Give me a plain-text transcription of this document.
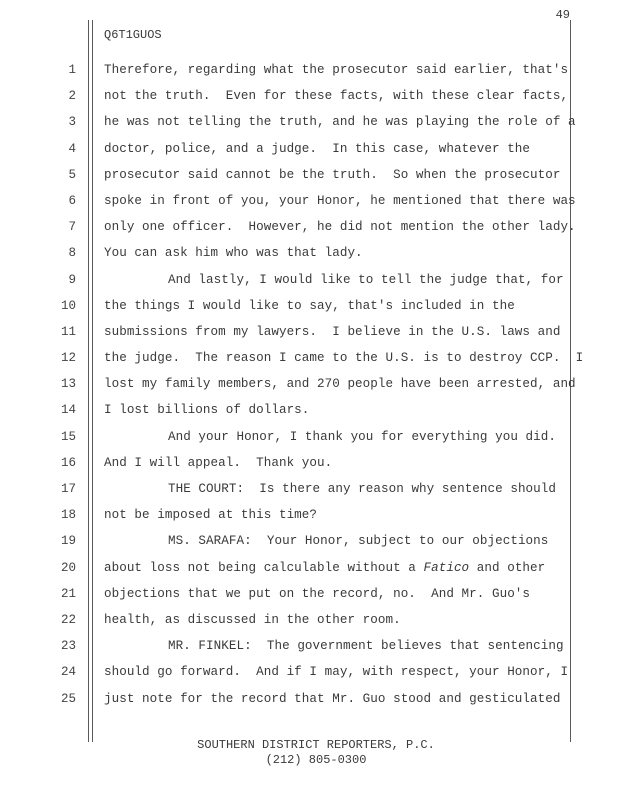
49
Q6T1GUOS
1 Therefore, regarding what the prosecutor said earlier, that's
2 not the truth.  Even for these facts, with these clear facts,
3 he was not telling the truth, and he was playing the role of a
4 doctor, police, and a judge.  In this case, whatever the
5 prosecutor said cannot be the truth.  So when the prosecutor
6 spoke in front of you, your Honor, he mentioned that there was
7 only one officer.  However, he did not mention the other lady.
8 You can ask him who was that lady.
9	And lastly, I would like to tell the judge that, for
10 the things I would like to say, that's included in the
11 submissions from my lawyers.  I believe in the U.S. laws and
12 the judge.  The reason I came to the U.S. is to destroy CCP.  I
13 lost my family members, and 270 people have been arrested, and
14 I lost billions of dollars.
15	And your Honor, I thank you for everything you did.
16 And I will appeal.  Thank you.
17	THE COURT:  Is there any reason why sentence should
18 not be imposed at this time?
19	MS. SARAFA:  Your Honor, subject to our objections
20 about loss not being calculable without a Fatico and other
21 objections that we put on the record, no.  And Mr. Guo's
22 health, as discussed in the other room.
23	MR. FINKEL:  The government believes that sentencing
24 should go forward.  And if I may, with respect, your Honor, I
25 just note for the record that Mr. Guo stood and gesticulated
SOUTHERN DISTRICT REPORTERS, P.C.
(212) 805-0300
